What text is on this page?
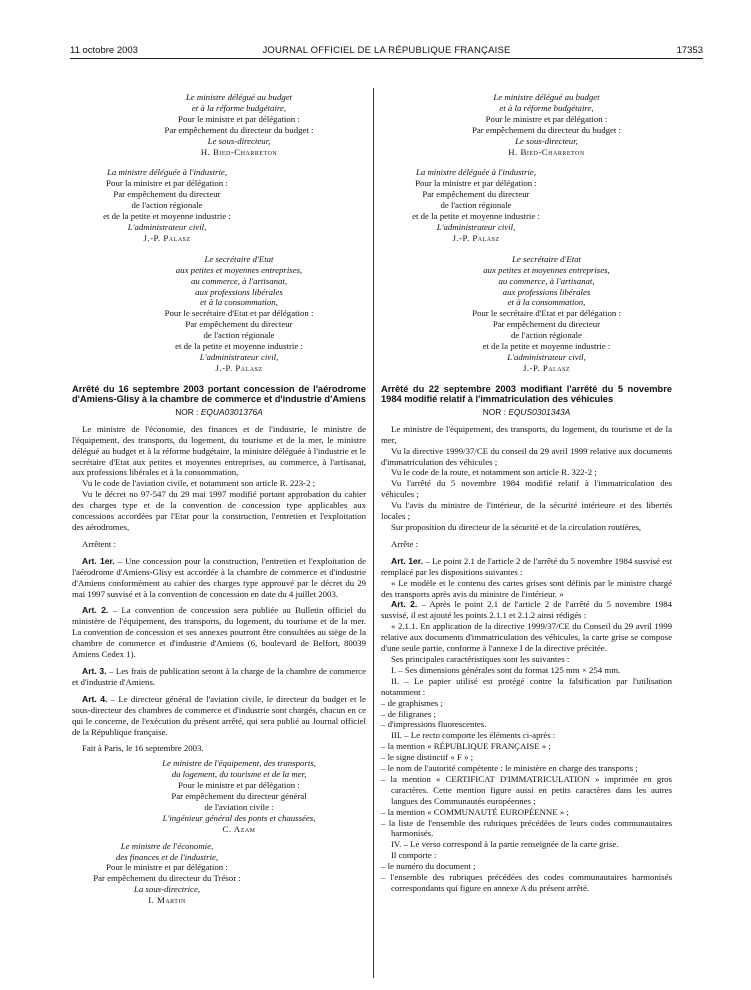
11 octobre 2003	JOURNAL OFFICIEL DE LA RÉPUBLIQUE FRANÇAISE	17353

Le ministre délégué au budget

et à la réforme budgétaire,

Pour le ministre et par délégation :

Par empêchement du directeur du budget :

Le sous-directeur,

H. Bied-Charreton

La ministre déléguée à l'industrie,

Pour la ministre et par délégation :

Par empêchement du directeur

de l'action régionale

et de la petite et moyenne industrie :

L'administrateur civil,

J.-P. Palasz

Le secrétaire d'Etat

aux petites et moyennes entreprises,

au commerce, à l'artisanat,

aux professions libérales

et à la consommation,

Pour le secrétaire d'Etat et par délégation :

Par empêchement du directeur

de l'action régionale

et de la petite et moyenne industrie :

L'administrateur civil,

J.-P. Palasz

Arrêté du 16 septembre 2003 portant concession de l'aérodrome d'Amiens-Glisy à la chambre de commerce et d'industrie d'Amiens

NOR : EQUA0301376A

Le ministre de l'économie, des finances et de l'industrie, le ministre de l'équipement, des transports, du logement, du tourisme et de la mer, le ministre délégué au budget et à la réforme budgétaire, la ministre déléguée à l'industrie et le secrétaire d'Etat aux petites et moyennes entreprises, au commerce, à l'artisanat, aux professions libérales et à la consommation,

Vu le code de l'aviation civile, et notamment son article R. 223-2 ;

Vu le décret no 97-547 du 29 mai 1997 modifié portant approbation du cahier des charges type et de la convention de concession type applicables aux concessions accordées par l'Etat pour la construction, l'entretien et l'exploitation des aérodromes,

Arrêtent :

Art. 1er. – Une concession pour la construction, l'entretien et l'exploitation de l'aérodrome d'Amiens-Glisy est accordée à la chambre de commerce et d'industrie d'Amiens conformément au cahier des charges type approuvé par le décret du 29 mai 1997 susvisé et à la convention de concession en date du 4 juillet 2003.

Art. 2. – La convention de concession sera publiée au Bulletin officiel du ministère de l'équipement, des transports, du logement, du tourisme et de la mer. La convention de concession et ses annexes pourront être consultées au siège de la chambre de commerce et d'industrie d'Amiens (6, boulevard de Belfort, 80039 Amiens Cedex 1).

Art. 3. – Les frais de publication seront à la charge de la chambre de commerce et d'industrie d'Amiens.

Art. 4. – Le directeur général de l'aviation civile, le directeur du budget et le sous-directeur des chambres de commerce et d'industrie sont chargés, chacun en ce qui le concerne, de l'exécution du présent arrêté, qui sera publié au Journal officiel de la République française.

Fait à Paris, le 16 septembre 2003.

Le ministre de l'équipement, des transports,

du logement, du tourisme et de la mer,

Pour le ministre et par délégation :

Par empêchement du directeur général

de l'aviation civile :

L'ingénieur général des ponts et chaussées,

C. Azam

Le ministre de l'économie,

des finances et de l'industrie,

Pour le ministre et par délégation :

Par empêchement du directeur du Trésor :

La sous-directrice,

I. Martin

Le ministre délégué au budget

et à la réforme budgétaire,

Pour le ministre et par délégation :

Par empêchement du directeur du budget :

Le sous-directeur,

H. Bied-Charreton

La ministre déléguée à l'industrie,

Pour la ministre et par délégation :

Par empêchement du directeur

de l'action régionale

et de la petite et moyenne industrie :

L'administrateur civil,

J.-P. Palasz

Le secrétaire d'Etat

aux petites et moyennes entreprises,

au commerce, à l'artisanat,

aux professions libérales

et à la consommation,

Pour le secrétaire d'Etat et par délégation :

Par empêchement du directeur

de l'action régionale

et de la petite et moyenne industrie :

L'administrateur civil,

J.-P. Palasz

Arrêté du 22 septembre 2003 modifiant l'arrêté du 5 novembre 1984 modifié relatif à l'immatriculation des véhicules

NOR : EQUS0301343A

Le ministre de l'équipement, des transports, du logement, du tourisme et de la mer,

Vu la directive 1999/37/CE du conseil du 29 avril 1999 relative aux documents d'immatriculation des véhicules ;

Vu le code de la route, et notamment son article R. 322-2 ;

Vu l'arrêté du 5 novembre 1984 modifié relatif à l'immatriculation des véhicules ;

Vu l'avis du ministre de l'intérieur, de la sécurité intérieure et des libertés locales ;

Sur proposition du directeur de la sécurité et de la circulation routières,

Arrête :

Art. 1er. – Le point 2.1 de l'article 2 de l'arrêté du 5 novembre 1984 susvisé est remplacé par les dispositions suivantes :

« Le modèle et le contenu des cartes grises sont définis par le ministre chargé des transports après avis du ministre de l'intérieur. »

Art. 2. – Après le point 2.1 de l'article 2 de l'arrêté du 5 novembre 1984 susvisé, il est ajouté les points 2.1.1 et 2.1.2 ainsi rédigés :

« 2.1.1. En application de la directive 1999/37/CE du Conseil du 29 avril 1999 relative aux documents d'immatriculation des véhicules, la carte grise se compose d'une seule partie, conforme à l'annexe I de la directive précitée.

Ses principales caractéristiques sont les suivantes :

I. – Ses dimensions générales sont du format 125 mm × 254 mm.

II. – Le papier utilisé est protégé contre la falsification par l'utilisation notamment :

– de graphismes ;

– de filigranes ;

– d'impressions fluorescentes.

III. – Le recto comporte les éléments ci-après :

– la mention « RÉPUBLIQUE FRANÇAISE » ;

– le signe distinctif « F » ;

– le nom de l'autorité compétente : le ministère en charge des transports ;

– la mention « CERTIFICAT D'IMMATRICULATION » imprimée en gros caractères. Cette mention figure aussi en petits caractères dans les autres langues des Communautés européennes ;

– la mention « COMMUNAUTÉ EUROPÉENNE » ;

– la liste de l'ensemble des rubriques précédées de leurs codes communautaires harmonisés.

IV. – Le verso correspond à la partie renseignée de la carte grise.

Il comporte :

– le numéro du document ;

– l'ensemble des rubriques précédées des codes communautaires harmonisés correspondants qui figure en annexe A du présent arrêté.
